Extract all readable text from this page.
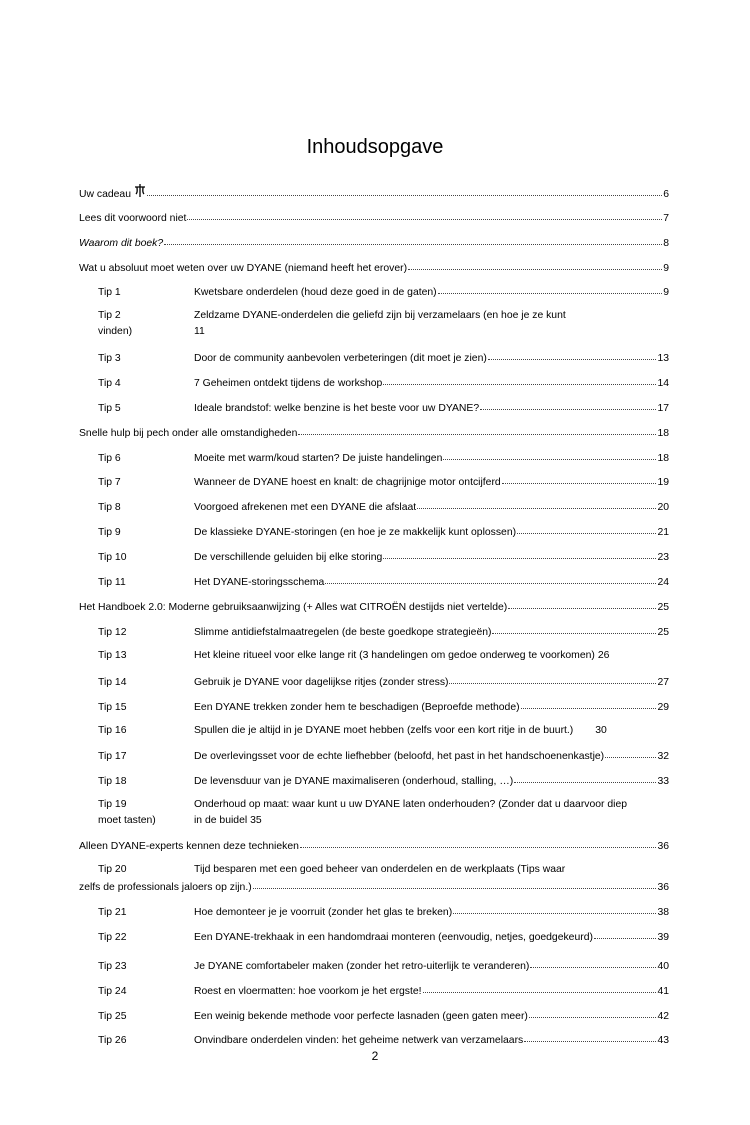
Inhoudsopgave
Uw cadeau	6
Lees dit voorwoord niet	7
Waarom dit boek?	8
Wat u absoluut moet weten over uw DYANE (niemand heeft het erover)	9
Tip 1	Kwetsbare onderdelen (houd deze goed in de gaten)	9
Tip 2	Zeldzame DYANE-onderdelen die geliefd zijn bij verzamelaars (en hoe je ze kunt
vinden)	11
Tip 3	Door de community aanbevolen verbeteringen (dit moet je zien)	13
Tip 4	7 Geheimen ontdekt tijdens de workshop	14
Tip 5	Ideale brandstof: welke benzine is het beste voor uw DYANE?	17
Snelle hulp bij pech onder alle omstandigheden	18
Tip 6	Moeite met warm/koud starten? De juiste handelingen	18
Tip 7	Wanneer de DYANE hoest en knalt: de chagrijnige motor ontcijferd	19
Tip 8	Voorgoed afrekenen met een DYANE die afslaat	20
Tip 9	De klassieke DYANE-storingen (en hoe je ze makkelijk kunt oplossen)	21
Tip 10	De verschillende geluiden bij elke storing	23
Tip 11	Het DYANE-storingsschema	24
Het Handboek 2.0: Moderne gebruiksaanwijzing (+ Alles wat CITROËN destijds niet vertelde)	25
Tip 12	Slimme antidiefstalmaatregelen (de beste goedkope strategieën)	25
Tip 13	Het kleine ritueel voor elke lange rit (3 handelingen om gedoe onderweg te voorkomen) 26
Tip 14	Gebruik je DYANE voor dagelijkse ritjes (zonder stress)	27
Tip 15	Een DYANE trekken zonder hem te beschadigen (Beproefde methode)	29
Tip 16	Spullen die je altijd in je DYANE moet hebben (zelfs voor een kort ritje in de buurt.) 30
Tip 17	De overlevingsset voor de echte liefhebber (beloofd, het past in het handschoenenkastje)	32
Tip 18	De levensduur van je DYANE maximaliseren (onderhoud, stalling, …)	33
Tip 19	Onderhoud op maat: waar kunt u uw DYANE laten onderhouden? (Zonder dat u daarvoor diep
moet tasten)	in de buidel 35
Alleen DYANE-experts kennen deze technieken	36
Tip 20	Tijd besparen met een goed beheer van onderdelen en de werkplaats (Tips waar
zelfs de professionals jaloers op zijn.)	36
Tip 21	Hoe demonteer je je voorruit (zonder het glas te breken)	38
Tip 22	Een DYANE-trekhaak in een handomdraai monteren (eenvoudig, netjes, goedgekeurd)	39
Tip 23	Je DYANE comfortabeler maken (zonder het retro-uiterlijk te veranderen)	40
Tip 24	Roest en vloermatten: hoe voorkom je het ergste!	41
Tip 25	Een weinig bekende methode voor perfecte lasnaden (geen gaten meer)	42
Tip 26	Onvindbare onderdelen vinden: het geheime netwerk van verzamelaars	43
2
